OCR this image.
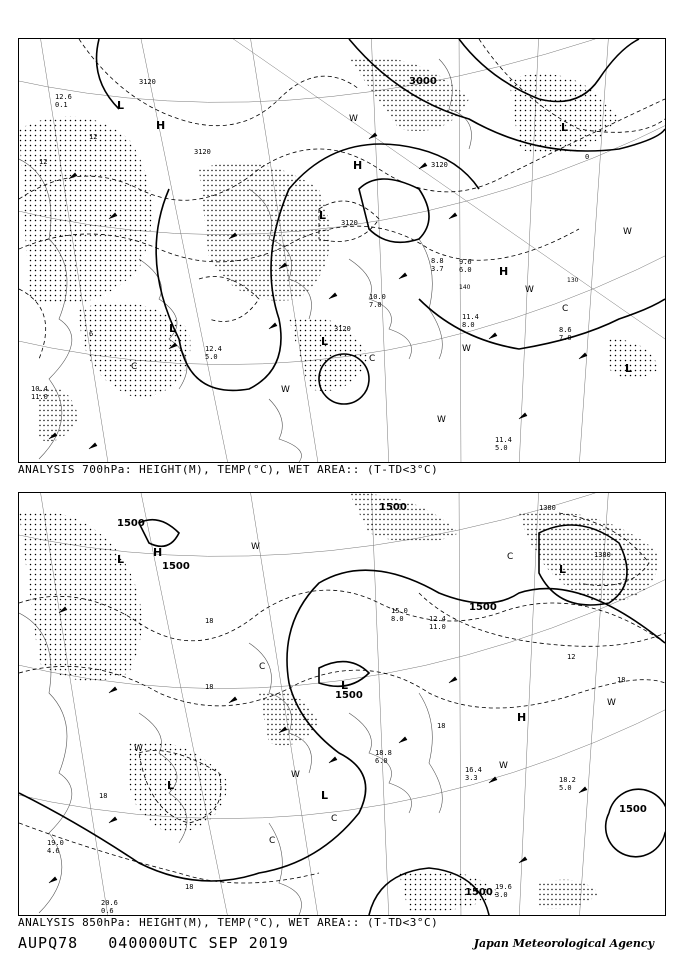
140
130
3000
3120
3120
3120
3120
3120
12
12
0
6
H
H
H
L
L
L
L
L
L
W
W
W
W
W
W
C
C
C
11.4
5.0
11.4
8.0
8.6
7.0
10.0
7.0
9.6
6.0
8.8
3.7
12.4
5.0
10.4
11.0
12.6
0.1
ANALYSIS 700hPa: HEIGHT(M), TEMP(°C), WET AREA:: (T-TD<3°C)
1500
1500
1500
1500
1500
1500
1500	1380
1380
18
18
18
18
18
12
18
H
H
L
L
L
L
L
W
W
W
W
W
C
C
C
C
19.6
3.0
16.4
3.3	18.2
5.0
18.8
6.0
20.6
0.6
19.0
4.6
15.0
8.0	12.4
11.0
ANALYSIS 850hPa: HEIGHT(M), TEMP(°C), WET AREA:: (T-TD<3°C)
AUPQ78   040000UTC SEP 2019	Japan Meteorological Agency
